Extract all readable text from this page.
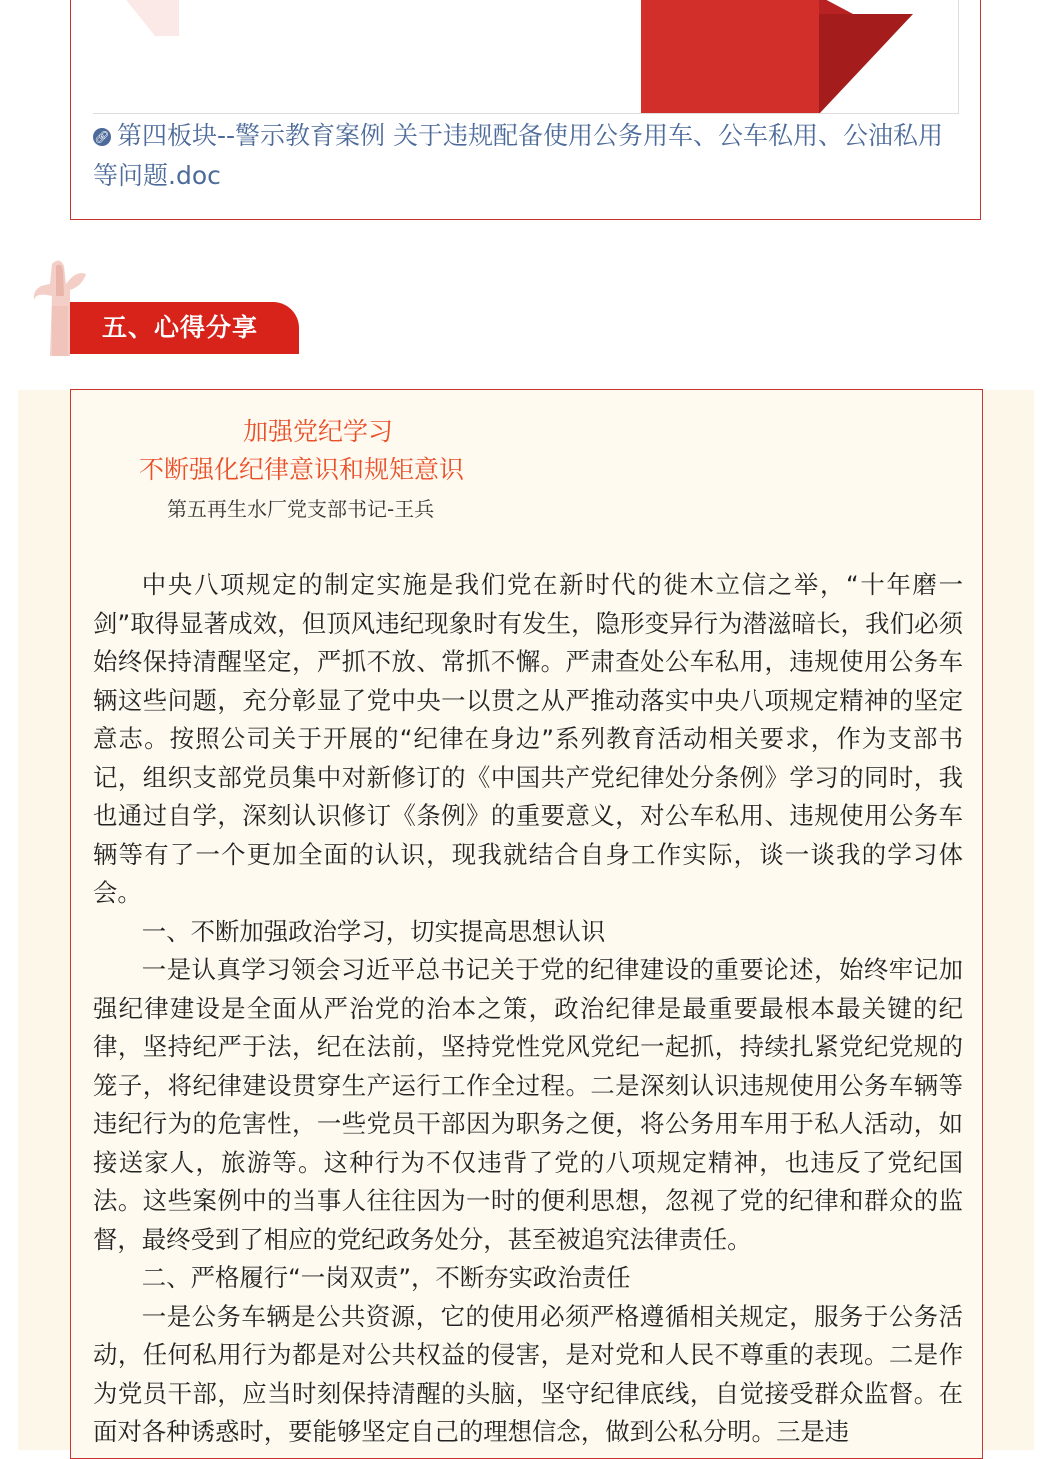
🔗︎ 第四板块--警示教育案例 关于违规配备使用公务用车、公车私用、公油私用等问题.doc
五、心得分享
加强党纪学习
不断强化纪律意识和规矩意识
第五再生水厂党支部书记-王兵

中央八项规定的制定实施是我们党在新时代的徙木立信之举，“十年磨一剑”取得显著成效，但顶风违纪现象时有发生，隐形变异行为潜滋暗长，我们必须始终保持清醒坚定，严抓不放、常抓不懈。严肃查处公车私用，违规使用公务车辆这些问题，充分彰显了党中央一以贯之从严推动落实中央八项规定精神的坚定意志。按照公司关于开展的“纪律在身边”系列教育活动相关要求，作为支部书记，组织支部党员集中对新修订的《中国共产党纪律处分条例》学习的同时，我也通过自学，深刻认识修订《条例》的重要意义，对公车私用、违规使用公务车辆等有了一个更加全面的认识，现我就结合自身工作实际，谈一谈我的学习体会。

一、不断加强政治学习，切实提高思想认识

一是认真学习领会习近平总书记关于党的纪律建设的重要论述，始终牢记加强纪律建设是全面从严治党的治本之策，政治纪律是最重要最根本最关键的纪律，坚持纪严于法，纪在法前，坚持党性党风党纪一起抓，持续扎紧党纪党规的笼子，将纪律建设贯穿生产运行工作全过程。二是深刻认识违规使用公务车辆等违纪行为的危害性，一些党员干部因为职务之便，将公务用车用于私人活动，如接送家人，旅游等。这种行为不仅违背了党的八项规定精神，也违反了党纪国法。这些案例中的当事人往往因为一时的便利思想，忽视了党的纪律和群众的监督，最终受到了相应的党纪政务处分，甚至被追究法律责任。

二、严格履行“一岗双责”，不断夯实政治责任

一是公务车辆是公共资源，它的使用必须严格遵循相关规定，服务于公务活动，任何私用行为都是对公共权益的侵害，是对党和人民不尊重的表现。二是作为党员干部，应当时刻保持清醒的头脑，坚守纪律底线，自觉接受群众监督。在面对各种诱惑时，要能够坚定自己的理想信念，做到公私分明。三是违
